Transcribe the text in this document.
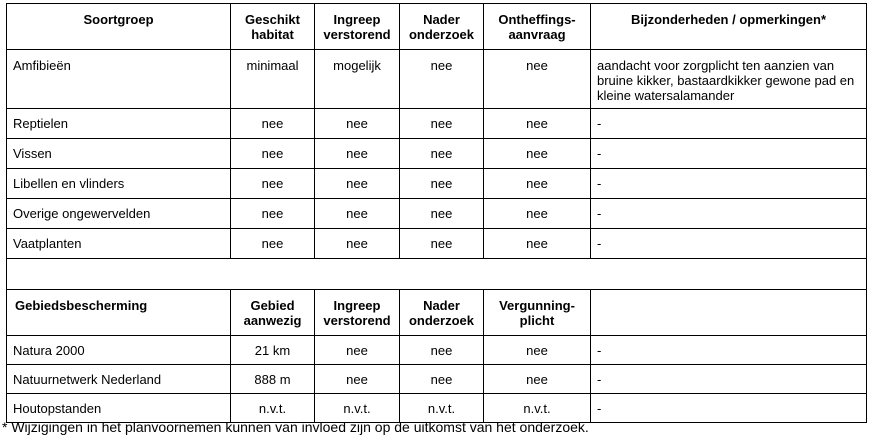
Soortgroep	Geschikt habitat	Ingreep verstorend	Nader onderzoek	Ontheffings-aanvraag	Bijzonderheden / opmerkingen*
Amfibieën	minimaal	mogelijk	nee	nee	aandacht voor zorgplicht ten aanzien van bruine kikker, bastaardkikker gewone pad en kleine watersalamander
Reptielen	nee	nee	nee	nee	-
Vissen	nee	nee	nee	nee	-
Libellen en vlinders	nee	nee	nee	nee	-
Overige ongewervelden	nee	nee	nee	nee	-
Vaatplanten	nee	nee	nee	nee	-

Gebiedsbescherming	Gebied aanwezig	Ingreep verstorend	Nader onderzoek	Vergunning-plicht	
Natura 2000	21 km	nee	nee	nee	-
Natuurnetwerk Nederland	888 m	nee	nee	nee	-
Houtopstanden	n.v.t.	n.v.t.	n.v.t.	n.v.t.	-
* Wijzigingen in het planvoornemen kunnen van invloed zijn op de uitkomst van het onderzoek.
